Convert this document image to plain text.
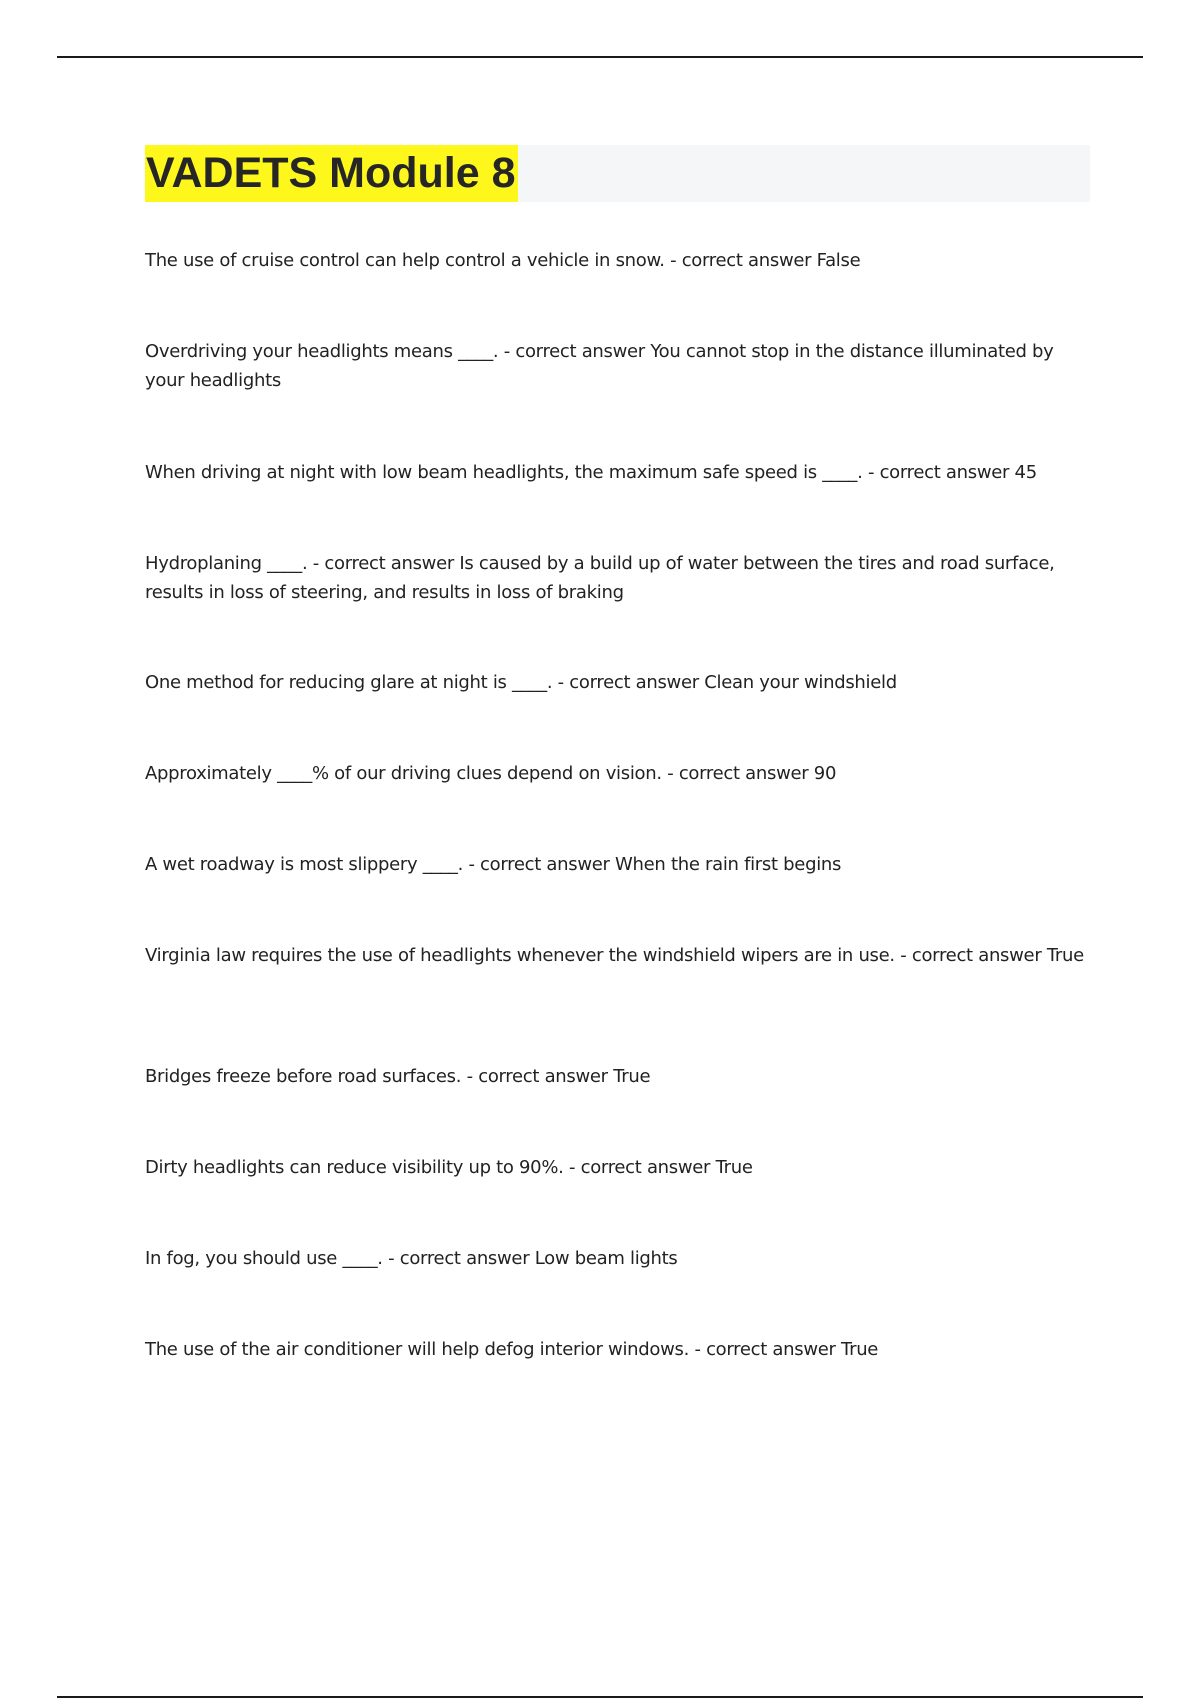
VADETS Module 8
The use of cruise control can help control a vehicle in snow. - correct answer False
Overdriving your headlights means ____. - correct answer You cannot stop in the distance illuminated by your headlights
When driving at night with low beam headlights, the maximum safe speed is ____. - correct answer 45
Hydroplaning ____. - correct answer Is caused by a build up of water between the tires and road surface, results in loss of steering, and results in loss of braking
One method for reducing glare at night is ____. - correct answer Clean your windshield
Approximately ____% of our driving clues depend on vision. - correct answer 90
A wet roadway is most slippery ____. - correct answer When the rain first begins
Virginia law requires the use of headlights whenever the windshield wipers are in use. - correct answer True
Bridges freeze before road surfaces. - correct answer True
Dirty headlights can reduce visibility up to 90%. - correct answer True
In fog, you should use ____. - correct answer Low beam lights
The use of the air conditioner will help defog interior windows. - correct answer True
